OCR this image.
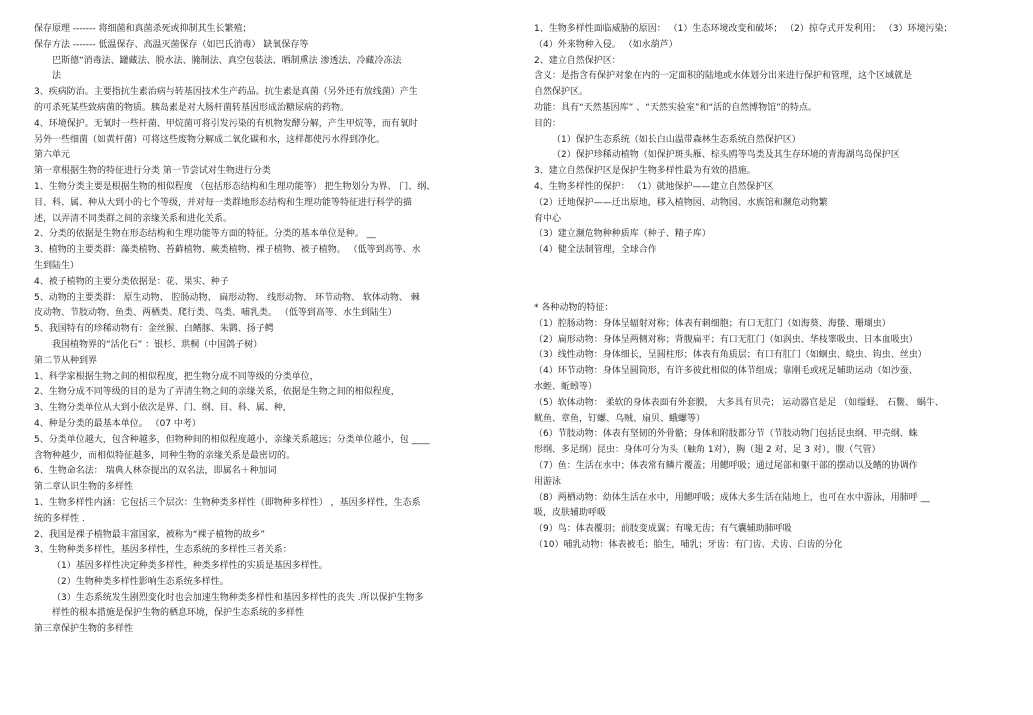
保存原理 ------- 将细菌和真菌杀死或抑制其生长繁殖；
保存方法 ------- 低温保存、高温灭菌保存（如巴氏消毒） 缺氧保存等
巴斯德“消毒法、罐藏法、脱水法、腌制法、真空包装法、晒制熏法 渗透法、冷藏冷冻法
法
3、疾病防治。主要指抗生素治病与转基因技术生产药品。抗生素是真菌（另外还有放线菌）产生
的可杀死某些致病菌的物质。胰岛素是对大肠杆菌转基因形成治糖尿病的药物。
4、环境保护。无氧时一些杆菌、甲烷菌可将引发污染的有机物发酵分解，产生甲烷等，而有氧时
另外一些细菌（如黄杆菌）可将这些废物分解成二氧化碳和水，这样都使污水得到净化。
第六单元
第一章根据生物的特征进行分类 第一节尝试对生物进行分类
1、生物分类主要是根据生物的相似程度 （包括形态结构和生理功能等） 把生物划分为界、 门、纲、
目、科、属、种从大到小的七个等级，并对每一类群地形态结构和生理功能等特征进行科学的描
述，以弄清不同类群之间的亲缘关系和进化关系。
2、分类的依据是生物在形态结构和生理功能等方面的特征。分类的基本单位是种。 __
3、植物的主要类群：藻类植物、苔藓植物、蕨类植物、裸子植物、被子植物。 （低等到高等、水
生到陆生）
4、被子植物的主要分类依据是：花、果实、种子
5、动物的主要类群： 原生动物、 腔肠动物、 扁形动物、 线形动物、 环节动物、 软体动物、 棘
皮动物、节肢动物、鱼类、两栖类、爬行类、鸟类、哺乳类。 （低等到高等、水生到陆生）
5、我国特有的珍稀动物有：金丝猴、白鳍豚、朱鹮、扬子鳄
我国植物界的“活化石” ：银杉、珙桐（中国鸽子树）
第二节从种到界
1、科学家根据生物之间的相似程度，把生物分成不同等级的分类单位，
2、生物分成不同等级的目的是为了弄清生物之间的亲缘关系，依据是生物之间的相似程度，
3、生物分类单位从大到小依次是界、门、纲、目、科、属、种，
4、种是分类的最基本单位。 （07 中考）
5、分类单位越大，包含种越多，但物种间的相似程度越小，亲缘关系越远；分类单位越小，包 ____
含物种越少，而相似特征越多，同种生物的亲缘关系是最密切的。
6、生物命名法： 瑞典人林奈提出的双名法，即属名＋种加词
第二章认识生物的多样性
1、生物多样性内涵：它包括三个层次：生物种类多样性（即物种多样性） ，基因多样性，生态系
统的多样性 .
2、我国是裸子植物最丰富国家，被称为“裸子植物的故乡”
3、生物种类多样性，基因多样性，生态系统的多样性三者关系：
（1）基因多样性决定种类多样性，种类多样性的实质是基因多样性。
（2）生物种类多样性影响生态系统多样性。
（3）生态系统发生剧烈变化时也会加速生物种类多样性和基因多样性的丧失 .所以保护生物多
样性的根本措施是保护生物的栖息环境，保护生态系统的多样性
第三章保护生物的多样性
1、生物多样性面临威胁的原因： （1）生态环境改变和破坏； （2）掠夺式开发利用； （3）环境污染；
（4）外来物种入侵。 （如水葫芦）
2、建立自然保护区：
含义：是指含有保护对象在内的一定面积的陆地或水体划分出来进行保护和管理，这个区域就是
自然保护区。
功能：具有“天然基因库” 、“天然实验室”和“活的自然博物馆”的特点。
目的：
（1）保护生态系统（如长白山温带森林生态系统自然保护区）
（2）保护珍稀动植物（如保护斑头雁、棕头鸥等鸟类及其生存环境的青海湖鸟岛保护区
3、建立自然保护区是保护生物多样性最为有效的措施。
4、生物多样性的保护： （1）就地保护——建立自然保护区
（2）迁地保护——迁出原地，移入植物园、动物园、水族馆和濒危动物繁
育中心
（3）建立濒危物种种质库（种子、精子库）
（4）健全法制管理，全球合作
* 各种动物的特征：
（1）腔肠动物：身体呈辐射对称；体表有刺细胞；有口无肛门（如海葵、海蛰、珊瑚虫）
（2）扁形动物：身体呈两侧对称；背腹扁平；有口无肛门（如涡虫、华枝睾吸虫、日本血吸虫）
（3）线性动物：身体细长，呈圆柱形；体表有角质层；有口有肛门（如蛔虫、蛲虫、钩虫、丝虫）
（4）环节动物：身体呈圆筒形，有许多彼此相似的体节组成；靠刚毛或疣足辅助运动（如沙蚕、
水蛭、蚯蚓等）
（5）软体动物： 柔软的身体表面有外套膜， 大多具有贝壳； 运动器官是足 （如缢蛏、 石鳖、 蜗牛、
鱿鱼、章鱼，钉螺、乌贼、扇贝、蛾螺等）
（6）节肢动物：体表有坚韧的外骨骼；身体和附肢都分节（节肢动物门包括昆虫纲、甲壳纲、蛛
形纲、多足纲）昆虫：身体可分为头（触角 1对），胸（翅 2 对、足 3 对），腹（气管）
（7）鱼：生活在水中；体表常有鳞片覆盖；用鳃呼吸；通过尾部和躯干部的摆动以及鳍的协调作
用游泳
（8）两栖动物：幼体生活在水中，用鳃呼吸；成体大多生活在陆地上，也可在水中游泳，用肺呼 __
吸，皮肤辅助呼吸
（9）鸟：体表覆羽；前肢变成翼；有喙无齿；有气囊辅助肺呼吸
（10）哺乳动物：体表被毛；胎生，哺乳；牙齿：有门齿、犬齿、臼齿的分化
